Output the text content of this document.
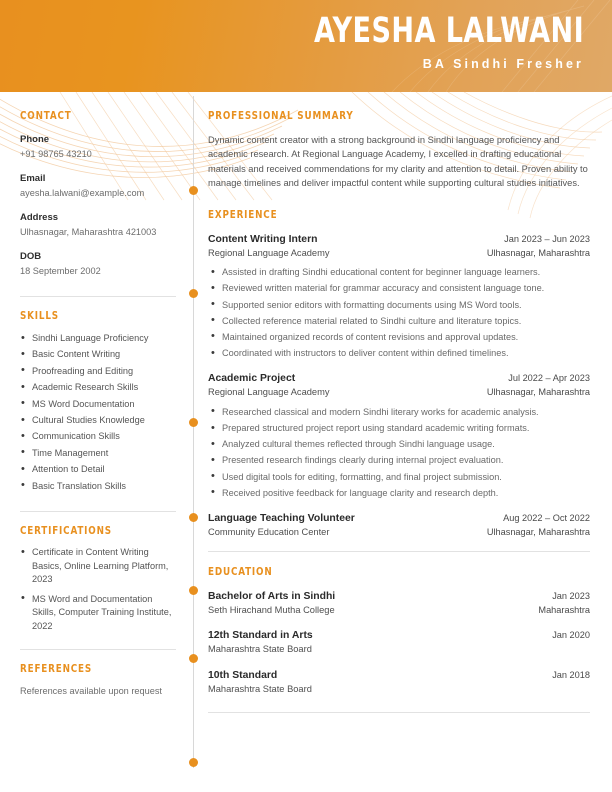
AYESHA LALWANI
BA Sindhi Fresher
CONTACT
Phone
+91 98765 43210
Email
ayesha.lalwani@example.com
Address
Ulhasnagar, Maharashtra 421003
DOB
18 September 2002
SKILLS
• Sindhi Language Proficiency
• Basic Content Writing
• Proofreading and Editing
• Academic Research Skills
• MS Word Documentation
• Cultural Studies Knowledge
• Communication Skills
• Time Management
• Attention to Detail
• Basic Translation Skills
CERTIFICATIONS
• Certificate in Content Writing Basics, Online Learning Platform, 2023
• MS Word and Documentation Skills, Computer Training Institute, 2022
REFERENCES
References available upon request
PROFESSIONAL SUMMARY

Dynamic content creator with a strong background in Sindhi language proficiency and academic research. At Regional Language Academy, I excelled in drafting educational materials and received commendations for my clarity and attention to detail. Proven ability to manage timelines and deliver impactful content while supporting cultural studies initiatives.

EXPERIENCE
Content Writing Intern	Jan 2023 – Jun 2023
Regional Language Academy	Ulhasnagar, Maharashtra
• Assisted in drafting Sindhi educational content for beginner language learners.
• Reviewed written material for grammar accuracy and consistent language tone.
• Supported senior editors with formatting documents using MS Word tools.
• Collected reference material related to Sindhi culture and literature topics.
• Maintained organized records of content revisions and approval updates.
• Coordinated with instructors to deliver content within defined timelines.
Academic Project	Jul 2022 – Apr 2023
Regional Language Academy	Ulhasnagar, Maharashtra
• Researched classical and modern Sindhi literary works for academic analysis.
• Prepared structured project report using standard academic writing formats.
• Analyzed cultural themes reflected through Sindhi language usage.
• Presented research findings clearly during internal project evaluation.
• Used digital tools for editing, formatting, and final project submission.
• Received positive feedback for language clarity and research depth.
Language Teaching Volunteer	Aug 2022 – Oct 2022
Community Education Center	Ulhasnagar, Maharashtra
EDUCATION
Bachelor of Arts in Sindhi	Jan 2023
Seth Hirachand Mutha College	Maharashtra
12th Standard in Arts	Jan 2020
Maharashtra State Board
10th Standard	Jan 2018
Maharashtra State Board
